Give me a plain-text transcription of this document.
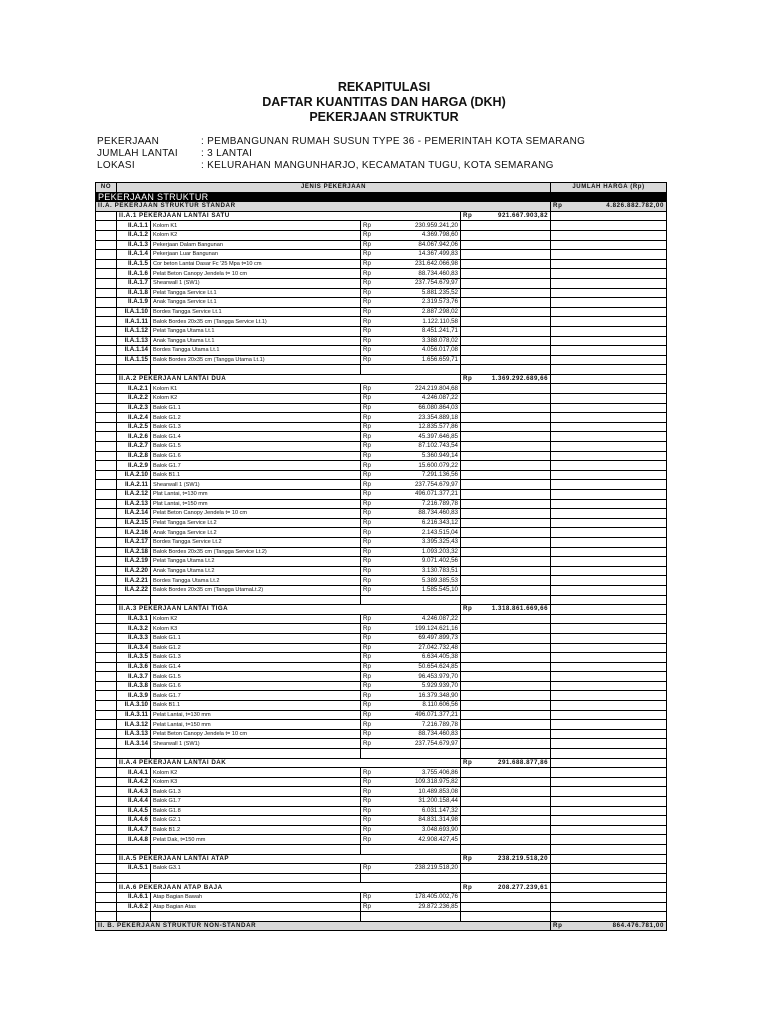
REKAPITULASI
DAFTAR KUANTITAS DAN HARGA (DKH)
PEKERJAAN STRUKTUR
PEKERJAAN	: PEMBANGUNAN RUMAH SUSUN TYPE 36 - PEMERINTAH KOTA SEMARANG
JUMLAH LANTAI	: 3 LANTAI
LOKASI	: KELURAHAN MANGUNHARJO, KECAMATAN TUGU, KOTA SEMARANG
NO	JENIS PEKERJAAN				JUMLAH HARGA (Rp)
PEKERJAAN STRUKTUR					
II.A. PEKERJAAN STRUKTUR STANDAR					Rp 4.826.882.782,00

	II.A.1 PEKERJAAN LANTAI SATU			Rp 921.667.903,82	

	II.A.1.1	Kolom K1	Rp 230.959.241,20		

	II.A.1.2	Kolom K2	Rp 4.369.798,60		

	II.A.1.3	Pekerjaan Dalam Bangunan	Rp 84.067.942,06		

	II.A.1.4	Pekerjaan Luar Bangunan	Rp 14.367.499,83		

	II.A.1.5	Cor beton Lantai Dasar Fc '25 Mpa t=10 cm	Rp 231.642.066,98		

	II.A.1.6	Pelat Beton Canopy Jendela t= 10 cm	Rp 88.734.460,83		

	II.A.1.7	Shearwall 1 (SW1)	Rp 237.754.679,97		

	II.A.1.8	Pelat Tangga Service Lt.1	Rp 5.881.235,52		

	II.A.1.9	Anak Tangga Service Lt.1	Rp 2.319.573,76		

	II.A.1.10	Bordes Tangga Service Lt.1	Rp 2.887.298,02		

	II.A.1.11	Balok Bordes 20x35 cm (Tangga Service Lt.1)	Rp 1.122.110,58		

	II.A.1.12	Pelat Tangga Utama Lt.1	Rp 8.451.241,71		

	II.A.1.13	Anak Tangga Utama Lt.1	Rp 3.388.078,02		

	II.A.1.14	Bordes Tangga Utama Lt.1	Rp 4.056.017,08		

	II.A.1.15	Balok Bordes 20x35 cm (Tangga Utama Lt.1)	Rp 1.656.659,71		

	II.A.2 PEKERJAAN LANTAI DUA			Rp 1.369.292.689,66	

	II.A.2.1	Kolom K1	Rp 224.219.804,68		

	II.A.2.2	Kolom K2	Rp 4.246.087,22		

	II.A.2.3	Balok G1.1	Rp 66.080.864,03		

	II.A.2.4	Balok G1.2	Rp 23.354.889,18		

	II.A.2.5	Balok G1.3	Rp 12.835.577,86		

	II.A.2.6	Balok G1.4	Rp 45.397.646,85		

	II.A.2.7	Balok G1.5	Rp 87.102.743,54		

	II.A.2.8	Balok G1.6	Rp 5.360.949,14		

	II.A.2.9	Balok G1.7	Rp 15.600.079,22		

	II.A.2.10	Balok B1.1	Rp 7.291.136,56		

	II.A.2.11	Shearwall 1 (SW1)	Rp 237.754.679,97		

	II.A.2.12	Plat Lantai, t=130 mm	Rp 496.071.377,21		

	II.A.2.13	Plat Lantai, t=150 mm	Rp 7.216.789,78		

	II.A.2.14	Pelat Beton Canopy Jendela t= 10 cm	Rp 88.734.460,83		

	II.A.2.15	Pelat Tangga Service Lt.2	Rp 6.216.343,12		

	II.A.2.16	Anak Tangga Service Lt.2	Rp 2.143.515,04		

	II.A.2.17	Bordes Tangga Service Lt.2	Rp 3.395.325,43		

	II.A.2.18	Balok Bordes 20x35 cm (Tangga Service Lt.2)	Rp 1.093.203,32		

	II.A.2.19	Pelat Tangga Utama Lt.2	Rp 9.071.402,56		

	II.A.2.20	Anak Tangga Utama Lt.2	Rp 3.130.783,51		

	II.A.2.21	Bordes Tangga Utama Lt.2	Rp 5.389.385,53		

	II.A.2.22	Balok Bordes 20x35 cm (Tangga UtamaLt.2)	Rp 1.585.545,10		

	II.A.3 PEKERJAAN LANTAI TIGA			Rp 1.318.861.669,66	

	II.A.3.1	Kolom K2	Rp 4.246.087,22		

	II.A.3.2	Kolom K3	Rp 199.124.621,16		

	II.A.3.3	Balok G1.1	Rp 69.497.899,73		

	II.A.3.4	Balok G1.2	Rp 27.042.732,48		

	II.A.3.5	Balok G1.3	Rp 6.634.405,38		

	II.A.3.6	Balok G1.4	Rp 50.654.624,85		

	II.A.3.7	Balok G1.5	Rp 96.453.979,70		

	II.A.3.8	Balok G1.6	Rp 5.929.939,70		

	II.A.3.9	Balok G1.7	Rp 16.379.348,90		

	II.A.3.10	Balok B1.1	Rp 8.110.606,56		

	II.A.3.11	Pelat Lantai, t=130 mm	Rp 496.071.377,21		

	II.A.3.12	Pelat Lantai, t=150 mm	Rp 7.216.789,78		

	II.A.3.13	Pelat Beton Canopy Jendela t= 10 cm	Rp 88.734.460,83		

	II.A.3.14	Shearwall 1 (SW1)	Rp 237.754.679,97		

	II.A.4 PEKERJAAN LANTAI DAK			Rp 291.688.877,86	

	II.A.4.1	Kolom K2	Rp 3.755.406,86		

	II.A.4.2	Kolom K3	Rp 109.318.975,82		

	II.A.4.3	Balok G1.3	Rp 10.489.853,08		

	II.A.4.4	Balok G1.7	Rp 31.200.158,44		

	II.A.4.5	Balok G1.8	Rp 6.031.147,32		

	II.A.4.6	Balok G2.1	Rp 84.831.314,98		

	II.A.4.7	Balok B1.2	Rp 3.048.693,90		

	II.A.4.8	Pelat Dak, t=150 mm	Rp 42.908.427,45		

	II.A.5 PEKERJAAN LANTAI ATAP			Rp 238.219.518,20	

	II.A.5.1	Balok G3.1	Rp 238.219.518,20		

	II.A.6 PEKERJAAN ATAP BAJA			Rp 208.277.239,61	

	II.A.6.1	Atap Bagian Bawah	Rp 178.405.002,76		

	II.A.6.2	Atap Bagian Atas	Rp 29.872.236,85		

II. B. PEKERJAAN STRUKTUR NON-STANDAR					Rp 864.476.781,00
